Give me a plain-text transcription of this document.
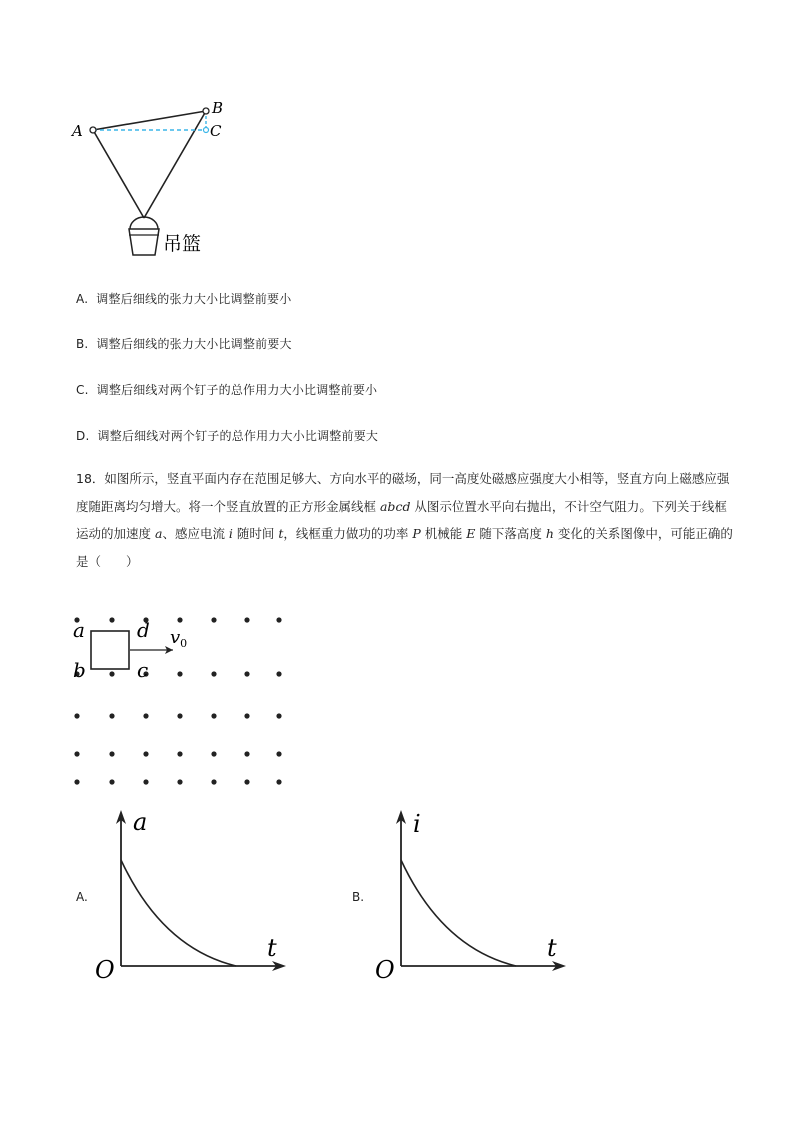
A
B
C
吊篮
A. 调整后细线的张力大小比调整前要小
B. 调整后细线的张力大小比调整前要大
C. 调整后细线对两个钉子的总作用力大小比调整前要小
D. 调整后细线对两个钉子的总作用力大小比调整前要大
18．如图所示，竖直平面内存在范围足够大、方向水平的磁场，同一高度处磁感应强度大小相等，竖直方向上磁感应强度随距离均匀增大。将一个竖直放置的正方形金属线框 abcd 从图示位置水平向右抛出，不计空气阻力。下列关于线框运动的加速度 a、感应电流 i 随时间 t，线框重力做功的功率 P 机械能 E 随下落高度 h 变化的关系图像中，可能正确的是（　　）
a	d
b	c
$v_0$
A.
a
t
O
B.
i
t
O
